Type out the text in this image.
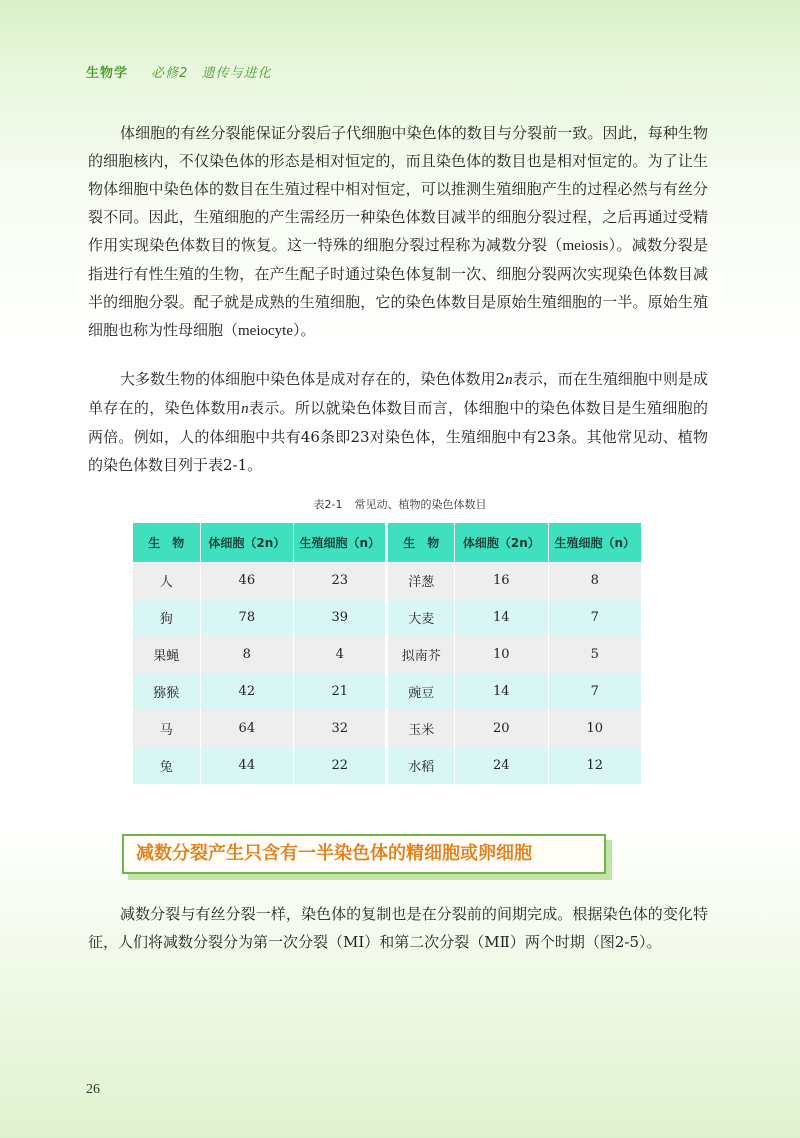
生物学 必修2 遗传与进化

体细胞的有丝分裂能保证分裂后子代细胞中染色体的数目与分裂前一致。因此，每种生物的细胞核内，不仅染色体的形态是相对恒定的，而且染色体的数目也是相对恒定的。为了让生物体细胞中染色体的数目在生殖过程中相对恒定，可以推测生殖细胞产生的过程必然与有丝分裂不同。因此，生殖细胞的产生需经历一种染色体数目减半的细胞分裂过程，之后再通过受精作用实现染色体数目的恢复。这一特殊的细胞分裂过程称为减数分裂（meiosis）。减数分裂是指进行有性生殖的生物，在产生配子时通过染色体复制一次、细胞分裂两次实现染色体数目减半的细胞分裂。配子就是成熟的生殖细胞，它的染色体数目是原始生殖细胞的一半。原始生殖细胞也称为性母细胞（meiocyte）。

大多数生物的体细胞中染色体是成对存在的，染色体数用2n表示，而在生殖细胞中则是成单存在的，染色体数用n表示。所以就染色体数目而言，体细胞中的染色体数目是生殖细胞的两倍。例如，人的体细胞中共有46条即23对染色体，生殖细胞中有23条。其他常见动、植物的染色体数目列于表2-1。

表2-1 常见动、植物的染色体数目
生　物	体细胞（2n）	生殖细胞（n）	生　物	体细胞（2n）	生殖细胞（n）
人	46	23	洋葱	16	8
狗	78	39	大麦	14	7
果蝇	8	4	拟南芥	10	5
猕猴	42	21	豌豆	14	7
马	64	32	玉米	20	10
兔	44	22	水稻	24	12
减数分裂产生只含有一半染色体的精细胞或卵细胞

减数分裂与有丝分裂一样，染色体的复制也是在分裂前的间期完成。根据染色体的变化特征，人们将减数分裂分为第一次分裂（MⅠ）和第二次分裂（MⅡ）两个时期（图2-5）。

26
